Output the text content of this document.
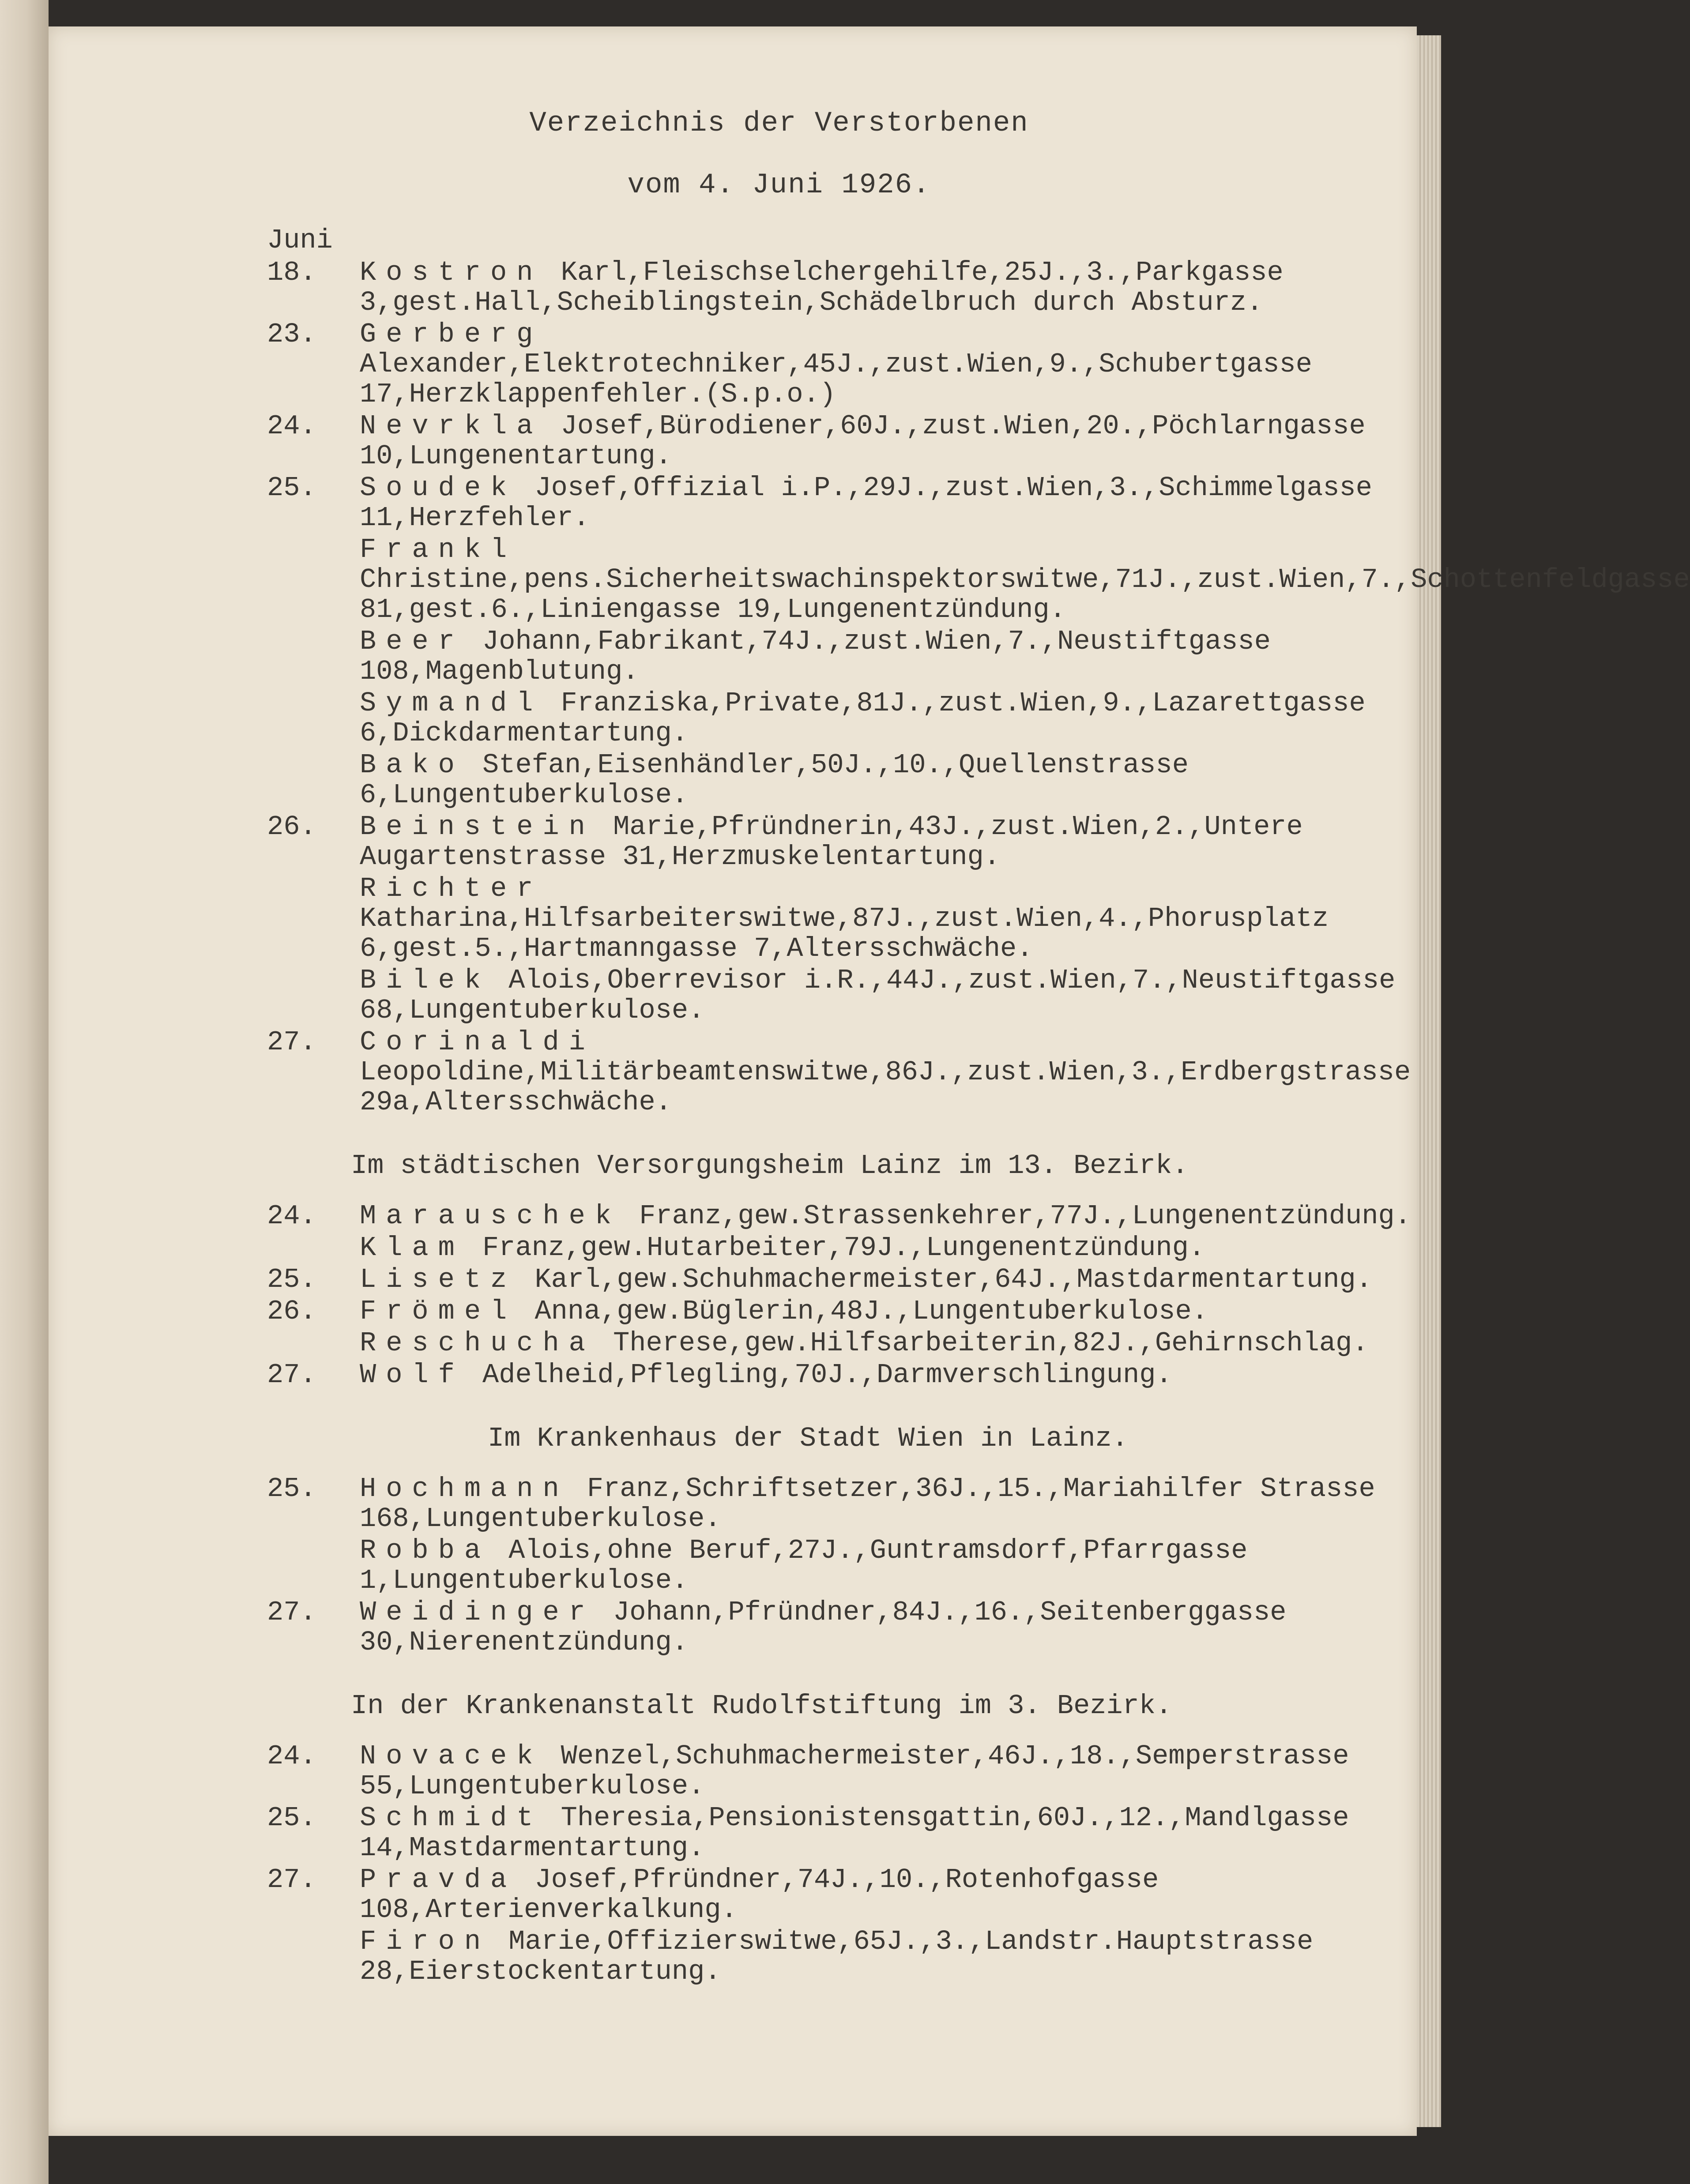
Verzeichnis der Verstorbenen
vom 4. Juni 1926.
Juni
18.	Kostron Karl,Fleischselchergehilfe,25J.,3.,Parkgasse 3,gest.Hall,Scheiblingstein,Schädelbruch durch Absturz.
23.	Gerberg Alexander,Elektrotechniker,45J.,zust.Wien,9.,Schubertgasse 17,Herzklappenfehler.(S.p.o.)
24.	Nevrkla Josef,Bürodiener,60J.,zust.Wien,20.,Pöchlarngasse 10,Lungenentartung.
25.	Soudek Josef,Offizial i.P.,29J.,zust.Wien,3.,Schimmelgasse 11,Herzfehler.
Frankl Christine,pens.Sicherheitswachinspektorswitwe,71J.,zust.Wien,7.,Schottenfeldgasse 81,gest.6.,Liniengasse 19,Lungenentzündung.
Beer Johann,Fabrikant,74J.,zust.Wien,7.,Neustiftgasse 108,Magenblutung.
Symandl Franziska,Private,81J.,zust.Wien,9.,Lazarettgasse 6,Dickdarmentartung.
Bako Stefan,Eisenhändler,50J.,10.,Quellenstrasse 6,Lungentuberkulose.
26.	Beinstein Marie,Pfründnerin,43J.,zust.Wien,2.,Untere Augartenstrasse 31,Herzmuskelentartung.
Richter Katharina,Hilfsarbeiterswitwe,87J.,zust.Wien,4.,Phorusplatz 6,gest.5.,Hartmanngasse 7,Altersschwäche.
Bilek Alois,Oberrevisor i.R.,44J.,zust.Wien,7.,Neustiftgasse 68,Lungentuberkulose.
27.	Corinaldi Leopoldine,Militärbeamtenswitwe,86J.,zust.Wien,3.,Erdbergstrasse 29a,Altersschwäche.
Im städtischen Versorgungsheim Lainz im 13. Bezirk.
24.	Marauschek Franz,gew.Strassenkehrer,77J.,Lungenentzündung.
Klam Franz,gew.Hutarbeiter,79J.,Lungenentzündung.
25.	Lisetz Karl,gew.Schuhmachermeister,64J.,Mastdarmentartung.
26.	Frömel Anna,gew.Büglerin,48J.,Lungentuberkulose.
Reschucha Therese,gew.Hilfsarbeiterin,82J.,Gehirnschlag.
27.	Wolf Adelheid,Pflegling,70J.,Darmverschlingung.
Im Krankenhaus der Stadt Wien in Lainz.
25.	Hochmann Franz,Schriftsetzer,36J.,15.,Mariahilfer Strasse 168,Lungentuberkulose.
Robba Alois,ohne Beruf,27J.,Guntramsdorf,Pfarrgasse 1,Lungentuberkulose.
27.	Weidinger Johann,Pfründner,84J.,16.,Seitenberggasse 30,Nierenentzündung.
In der Krankenanstalt Rudolfstiftung im 3. Bezirk.
24.	Novacek Wenzel,Schuhmachermeister,46J.,18.,Semperstrasse 55,Lungentuberkulose.
25.	Schmidt Theresia,Pensionistensgattin,60J.,12.,Mandlgasse 14,Mastdarmentartung.
27.	Pravda Josef,Pfründner,74J.,10.,Rotenhofgasse 108,Arterienverkalkung.
Firon Marie,Offizierswitwe,65J.,3.,Landstr.Hauptstrasse 28,Eierstockentartung.
